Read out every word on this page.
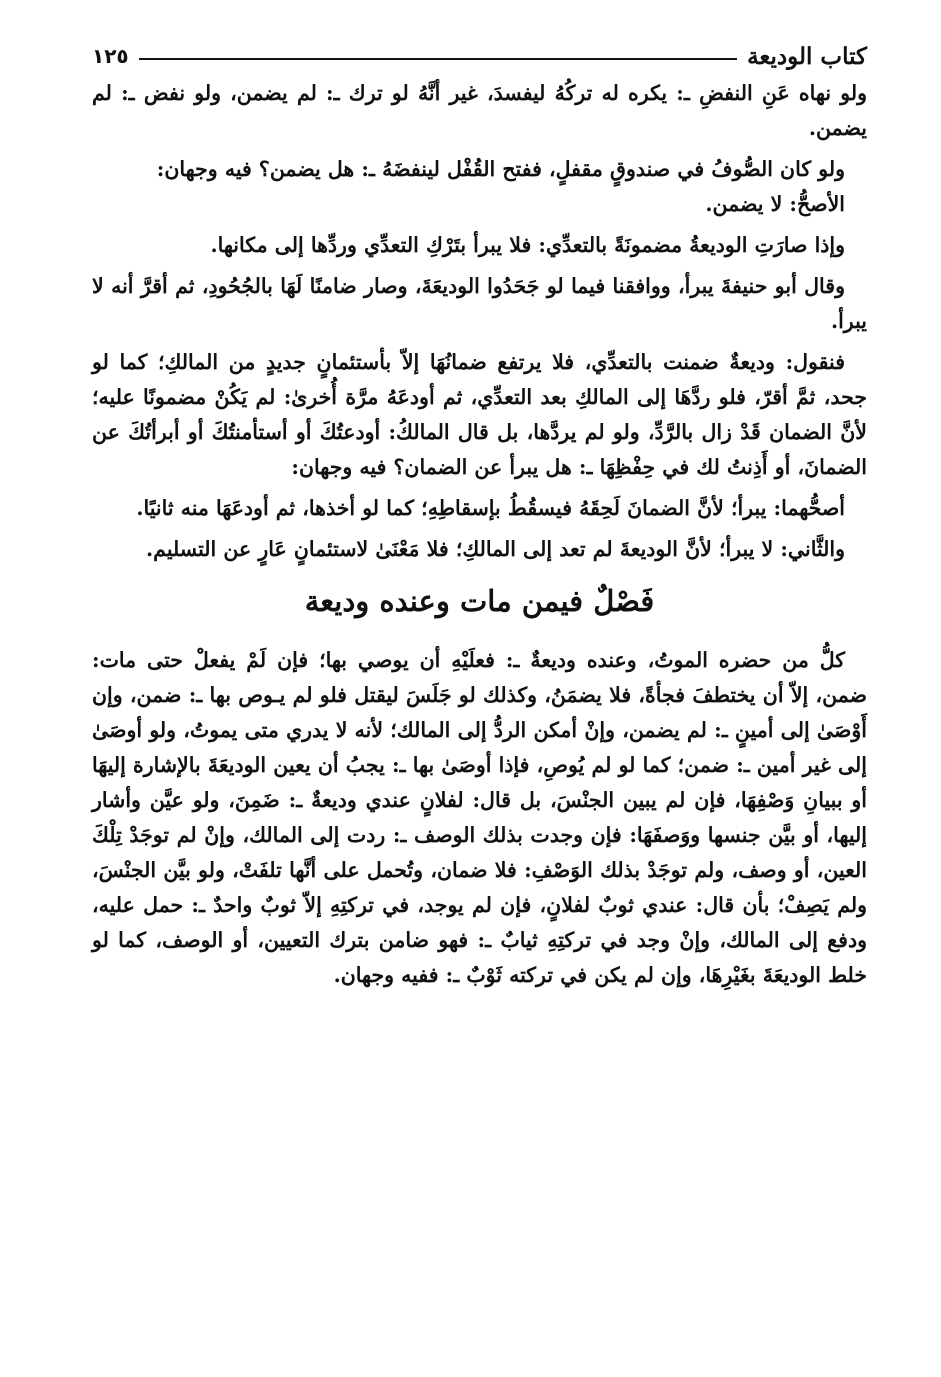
كتاب الوديعة
١٢٥

ولو نهاه عَنِ النفضِ ـ: يكره له تركُهُ ليفسدَ، غير أنَّهُ لو ترك ـ: لم يضمن، ولو نفض ـ: لم يضمن.

ولو كان الصُّوفُ في صندوقٍ مقفلٍ، ففتح القُفْل لينفضَهُ ـ: هل يضمن؟ فيه وجهان:

الأصحُّ: لا يضمن.

وإذا صارَتِ الوديعةُ مضمونَةً بالتعدِّي: فلا يبرأ بتَرْكِ التعدِّي وردِّها إلى مكانها.

وقال أبو حنيفةَ يبرأ، ووافقنا فيما لو جَحَدُوا الوديعَةَ، وصار ضامنًا لَهَا بالجُحُودِ، ثم أقرَّ أنه لا يبرأ.

فنقول: وديعةٌ ضمنت بالتعدِّي، فلا يرتفع ضمانُهَا إلاّ بأستئمانٍ جديدٍ من المالكِ؛ كما لو جحد، ثمَّ أقرّ، فلو ردَّهَا إلى المالكِ بعد التعدِّي، ثم أودعَهُ مرَّة أُخرىٰ: لم يَكُنْ مضمونًا عليه؛ لأنَّ الضمان قَدْ زال بالرَّدِّ، ولو لم يردَّها، بل قال المالكُ: أودعتُكَ أو أستأمنتُكَ أو أبرأتُكَ عن الضمانَ، أو أَذِنتُ لك في حِفْظِهَا ـ: هل يبرأ عن الضمان؟ فيه وجهان:

أصحُّهما: يبرأ؛ لأنَّ الضمانَ لَحِقَهُ فيسقُطُ بإسقاطِهِ؛ كما لو أخذها، ثم أودعَهَا منه ثانيًا.

والثَّاني: لا يبرأ؛ لأنَّ الوديعةَ لم تعد إلى المالكِ؛ فلا مَعْنَىٰ لاستئمانٍ عَارٍ عن التسليم.

فَصْلٌ فيمن مات وعنده وديعة

كلُّ من حضره الموتُ، وعنده وديعةٌ ـ: فعلَيْهِ أن يوصي بها؛ فإن لَمْ يفعلْ حتى مات: ضمن، إلاّ أن يختطفَ فجأةً، فلا يضمَنُ، وكذلك لو جَلَسَ ليقتل فلو لم يـوص بها ـ: ضمن، وإن أَوْصَىٰ إلى أمينٍ ـ: لم يضمن، وإنْ أمكن الردُّ إلى المالك؛ لأنه لا يدري متى يموتُ، ولو أوصَىٰ إلى غير أمين ـ: ضمن؛ كما لو لم يُوصِ، فإذا أوصَىٰ بها ـ: يجبُ أن يعين الوديعَةَ بالإشارة إليهَا أو ببيانِ وَصْفِهَا، فإن لم يبين الجنْسَ، بل قال: لفلانٍ عندي وديعةٌ ـ: ضَمِنَ، ولو عيَّن وأشار إليها، أو بيَّن جنسها ووَصفَهَا: فإن وجدت بذلك الوصف ـ: ردت إلى المالك، وإنْ لم توجَدْ تِلْكَ العين، أو وصف، ولم توجَدْ بذلك الوَصْفِ: فلا ضمان، وتُحمل على أنَّها تلفَتْ، ولو بيَّن الجنْسَ، ولم يَصِفْ؛ بأن قال: عندي ثوبٌ لفلانٍ، فإن لم يوجد، في تركتِهِ إلاّ ثوبٌ واحدٌ ـ: حمل عليه، ودفع إلى المالك، وإنْ وجد في تركتِهِ ثيابٌ ـ: فهو ضامن بترك التعيين، أو الوصف، كما لو خلط الوديعَةَ بغَيْرِهَا، وإن لم يكن في تركته ثَوْبٌ ـ: ففيه وجهان.
